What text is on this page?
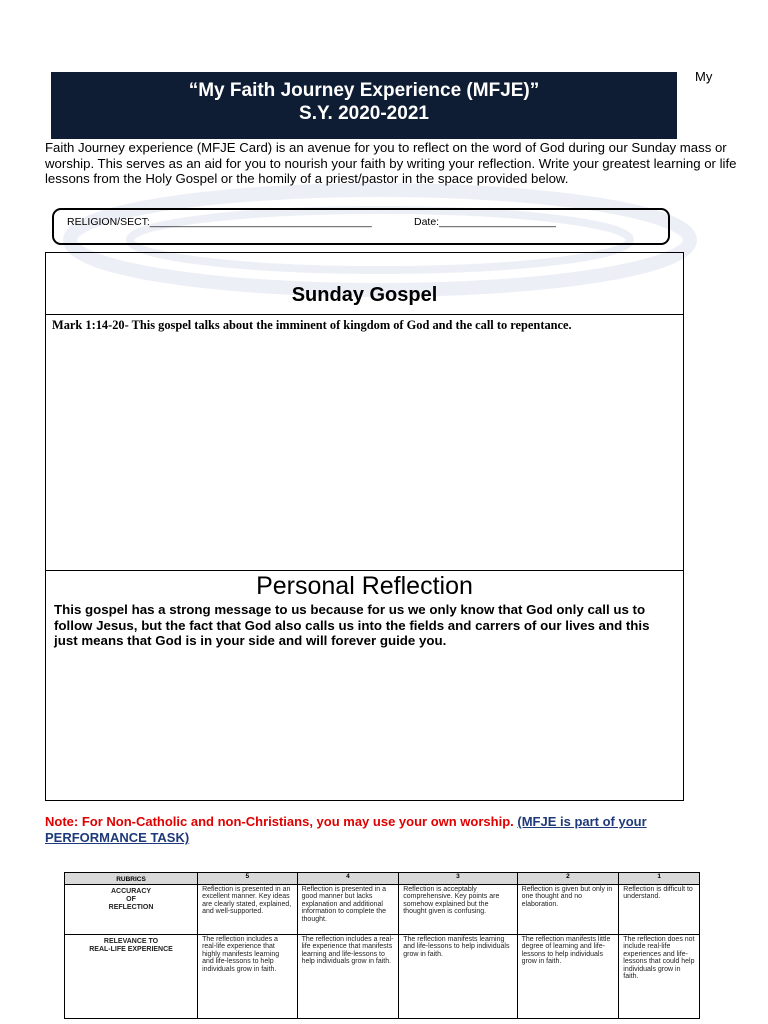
My
“My Faith Journey Experience (MFJE)”
S.Y. 2020-2021
Faith Journey experience (MFJE Card) is an avenue for you to reflect on the word of God during our Sunday mass or worship. This serves as an aid for you to nourish your faith by writing your reflection. Write your greatest learning or life lessons from the Holy Gospel or the homily of a priest/pastor in the space provided below.
RELIGION/SECT:______________________________________	Date:____________________
Sunday Gospel
Mark 1:14-20- This gospel talks about the imminent of kingdom of God and the call to repentance.
Personal Reflection
This gospel has a strong message to us because for us we only know that God only call us to follow Jesus, but the fact that God also calls us into the fields and carrers of our lives and this just means that God is in your side and will forever guide you.
Note: For Non-Catholic and non-Christians, you may use your own worship. (MFJE is part of your PERFORMANCE TASK)
RUBRICS	5	4	3	2	1
ACCURACY
OF
REFLECTION	Reflection is presented in an excellent manner. Key ideas are clearly stated, explained, and well-supported.	Reflection is presented in a good manner but lacks explanation and additional information to complete the thought.	Reflection is acceptably comprehensive. Key points are somehow explained but the thought given is confusing.	Reflection is given but only in one thought and no elaboration.	Reflection is difficult to understand.
RELEVANCE TO
REAL-LIFE EXPERIENCE	The reflection includes a real-life experience that highly manifests learning and life-lessons to help individuals grow in faith.	The reflection includes a real-life experience that manifests learning and life-lessons to help individuals grow in faith.	The reflection manifests learning and life-lessons to help individuals grow in faith.	The reflection manifests little degree of learning and life-lessons to help individuals grow in faith.	The reflection does not include real-life experiences and life-lessons that could help individuals grow in faith.
